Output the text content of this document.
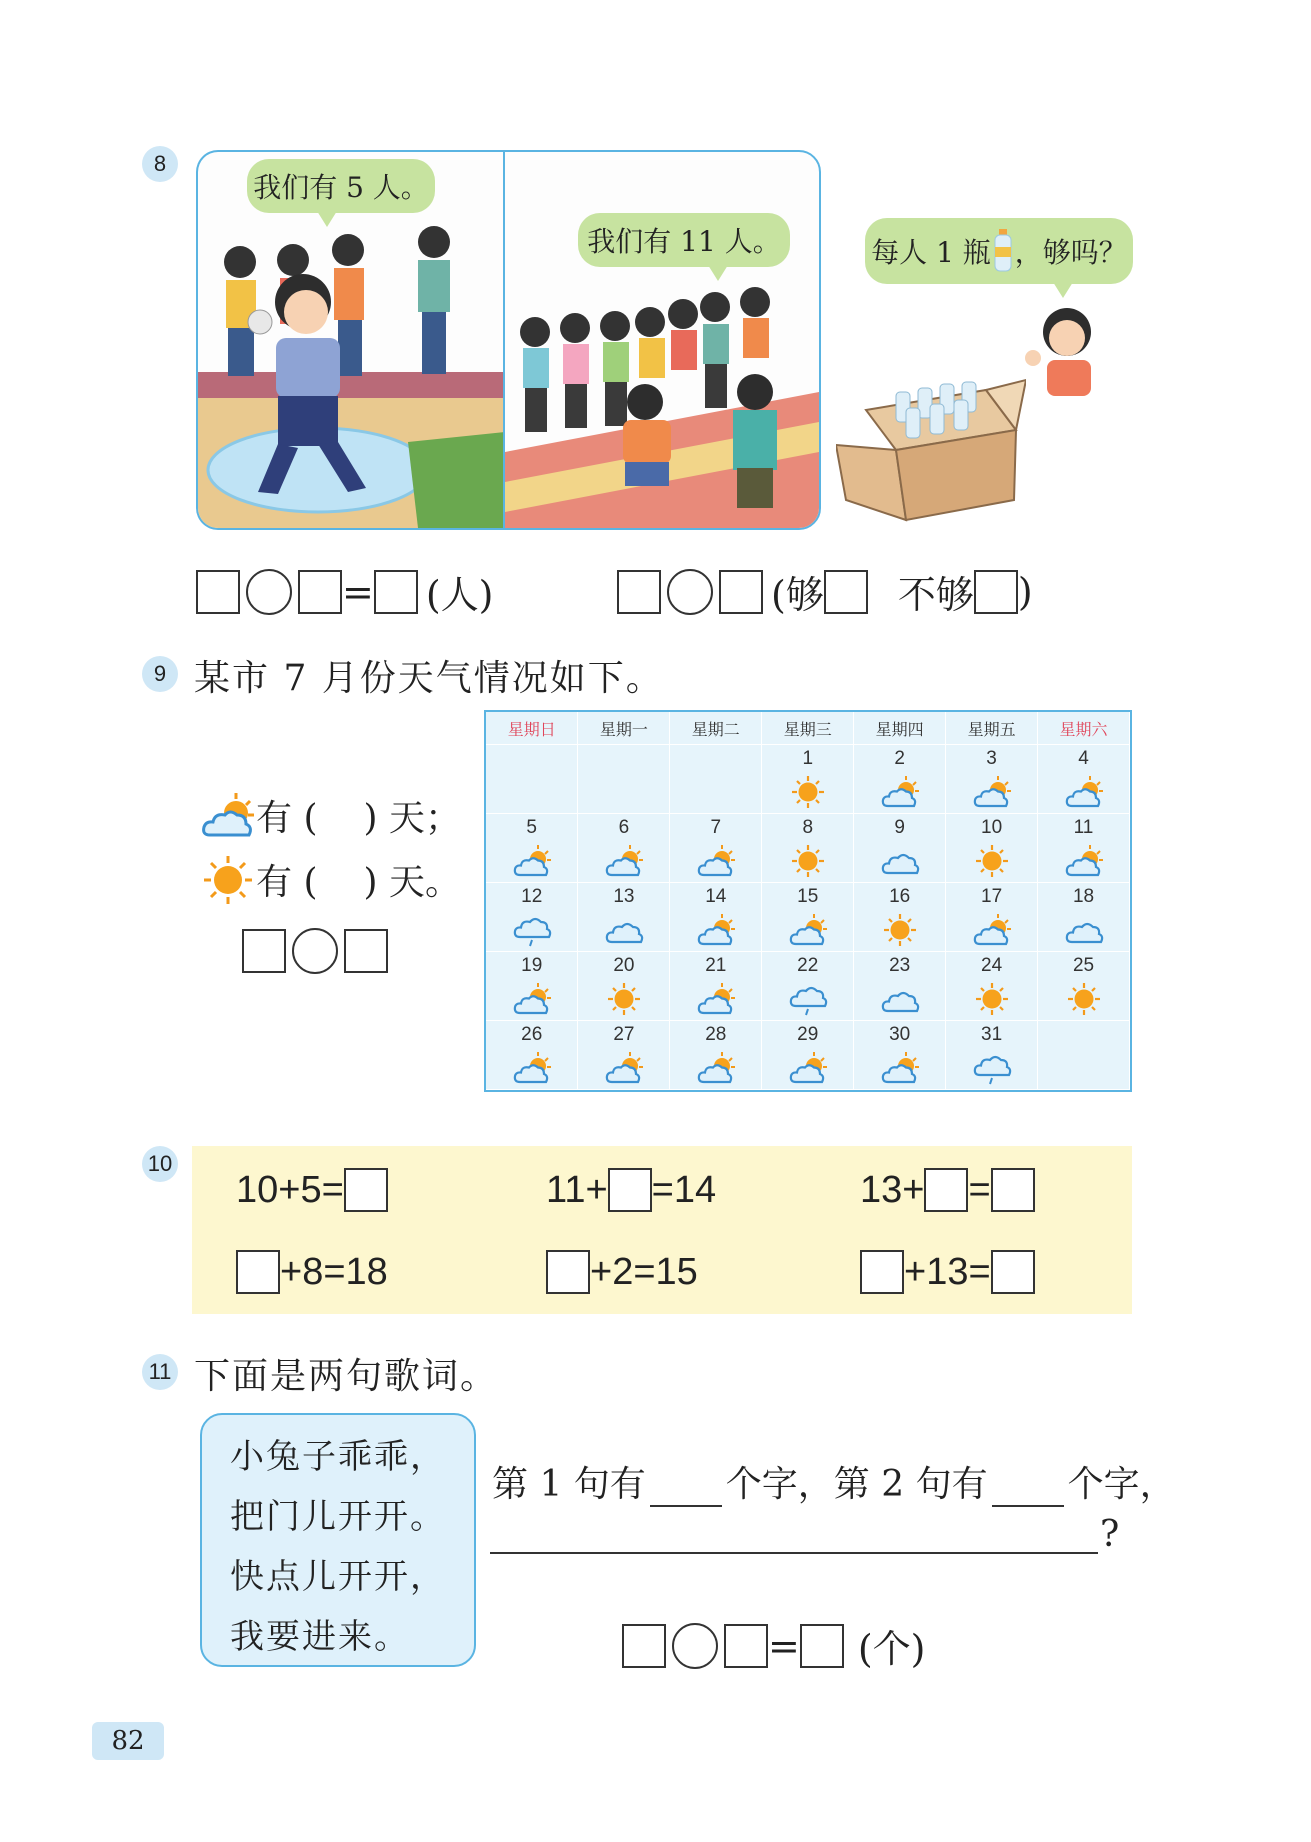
8
我们有 5 人。
我们有 11 人。	每人 1 瓶 ，够吗？
= (人)	(够 不够 )
9 某市 7 月份天气情况如下。
有 ( ) 天；
有 ( ) 天。
星期日	星期一	星期二	星期三	星期四	星期五	星期六

			1	2	3	4

5	6	7	8	9	10	11

12	13	14	15	16	17	18

19	20	21	22	23	24	25

26	27	28	29	30	31	

10
10+5=	11+ =14	13+ =
+8=18	+2=15	+13=
11 下面是两句歌词。
小兔子乖乖，
把门儿开开。
快点儿开开，
我要进来。
第 1 句有 个字，第 2 句有 个字，
?
= (个)
82
